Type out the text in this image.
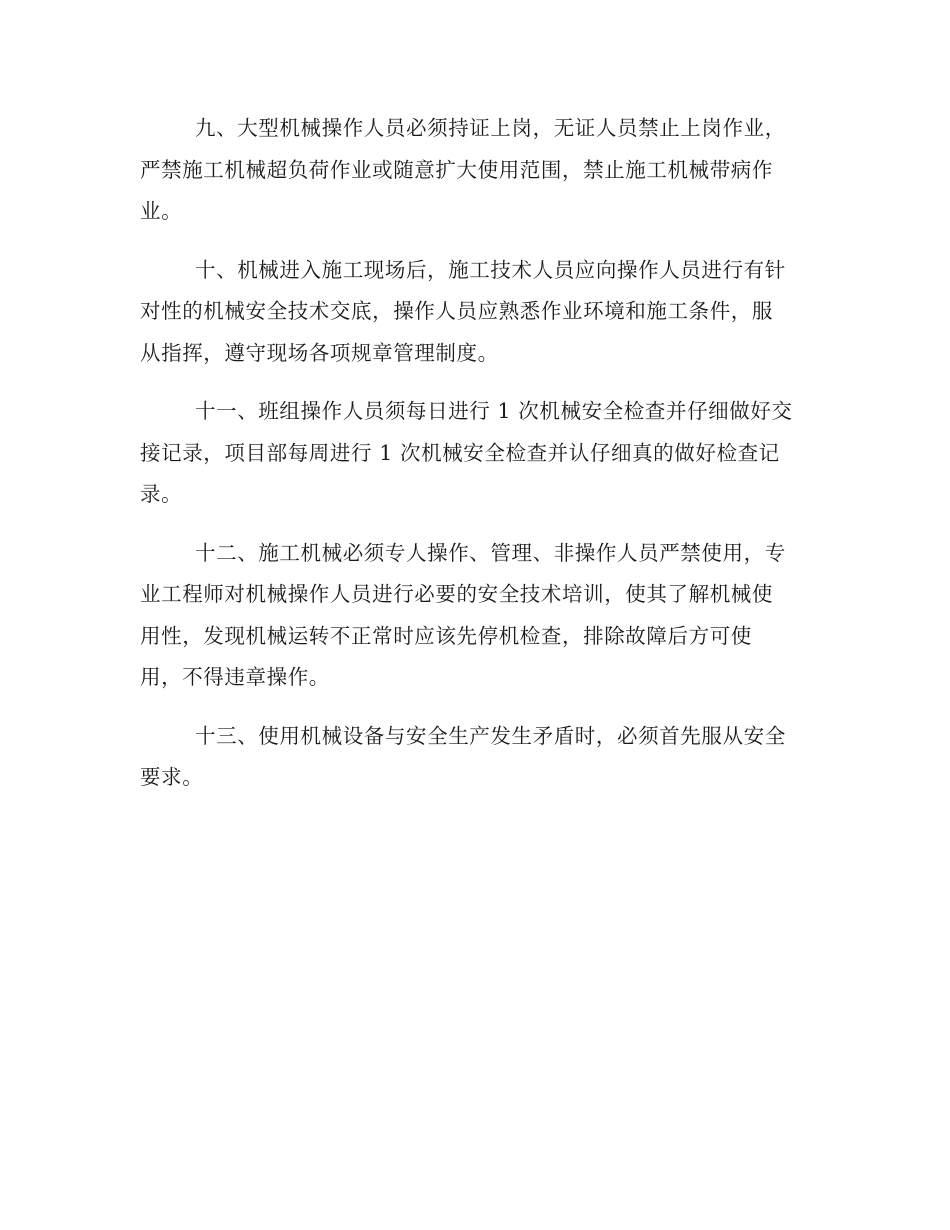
九、大型机械操作人员必须持证上岗，无证人员禁止上岗作业，
严禁施工机械超负荷作业或随意扩大使用范围，禁止施工机械带病作
业。

十、机械进入施工现场后，施工技术人员应向操作人员进行有针
对性的机械安全技术交底，操作人员应熟悉作业环境和施工条件，服
从指挥，遵守现场各项规章管理制度。

十一、班组操作人员须每日进行 1 次机械安全检查并仔细做好交
接记录，项目部每周进行 1 次机械安全检查并认仔细真的做好检查记
录。

十二、施工机械必须专人操作、管理、非操作人员严禁使用，专
业工程师对机械操作人员进行必要的安全技术培训，使其了解机械使
用性，发现机械运转不正常时应该先停机检查，排除故障后方可使
用，不得违章操作。

十三、使用机械设备与安全生产发生矛盾时，必须首先服从安全
要求。
